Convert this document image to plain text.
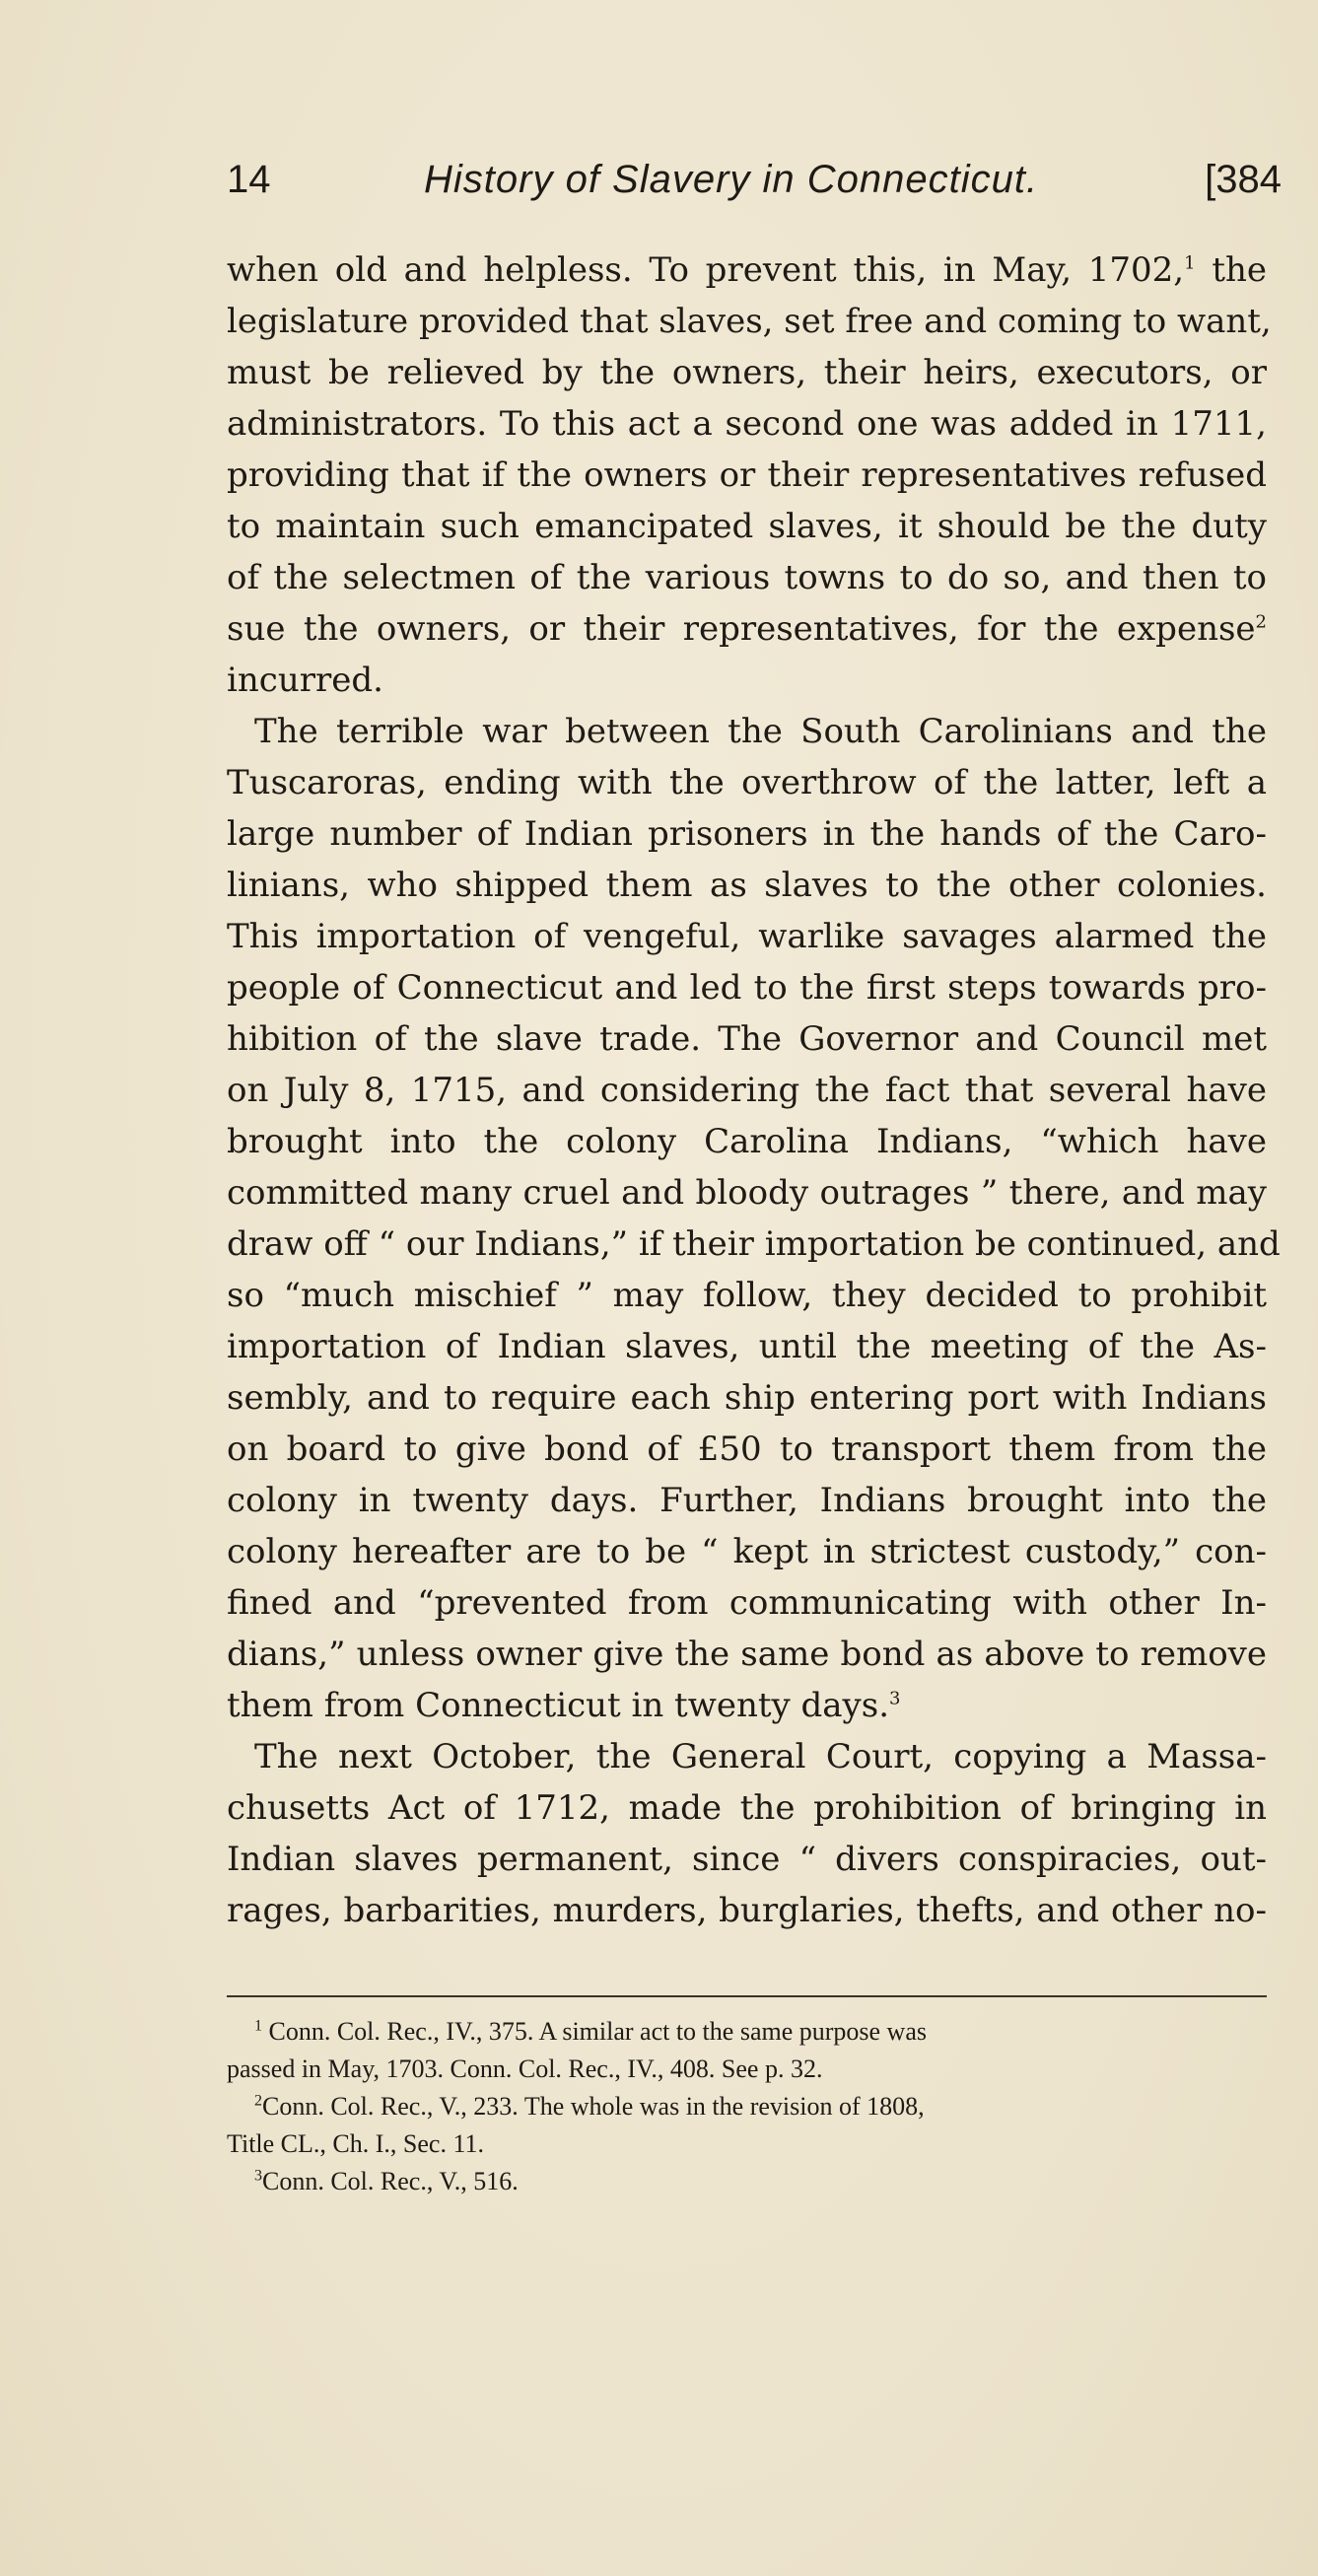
14	History of Slavery in Connecticut.	[384
when old and helpless. To prevent this, in May, 1702,$^1$ the
legislature provided that slaves, set free and coming to want,
must be relieved by the owners, their heirs, executors, or
administrators. To this act a second one was added in 1711,
providing that if the owners or their representatives refused
to maintain such emancipated slaves, it should be the duty
of the selectmen of the various towns to do so, and then to
sue the owners, or their representatives, for the expense$^2$
incurred.
The terrible war between the South Carolinians and the
Tuscaroras, ending with the overthrow of the latter, left a
large number of Indian prisoners in the hands of the Caro-
linians, who shipped them as slaves to the other colonies.
This importation of vengeful, warlike savages alarmed the
people of Connecticut and led to the first steps towards pro-
hibition of the slave trade. The Governor and Council met
on July 8, 1715, and considering the fact that several have
brought into the colony Carolina Indians, “which have
committed many cruel and bloody outrages ” there, and may
draw off “ our Indians,” if their importation be continued, and
so “much mischief ” may follow, they decided to prohibit
importation of Indian slaves, until the meeting of the As-
sembly, and to require each ship entering port with Indians
on board to give bond of £50 to transport them from the
colony in twenty days. Further, Indians brought into the
colony hereafter are to be “ kept in strictest custody,” con-
fined and “prevented from communicating with other In-
dians,” unless owner give the same bond as above to remove
them from Connecticut in twenty days.$^3$
The next October, the General Court, copying a Massa-
chusetts Act of 1712, made the prohibition of bringing in
Indian slaves permanent, since “ divers conspiracies, out-
rages, barbarities, murders, burglaries, thefts, and other no-
$^1$ Conn. Col. Rec., IV., 375. A similar act to the same purpose was
passed in May, 1703. Conn. Col. Rec., IV., 408. See p. 32.
$^2$Conn. Col. Rec., V., 233. The whole was in the revision of 1808,
Title CL., Ch. I., Sec. 11.
$^3$Conn. Col. Rec., V., 516.
